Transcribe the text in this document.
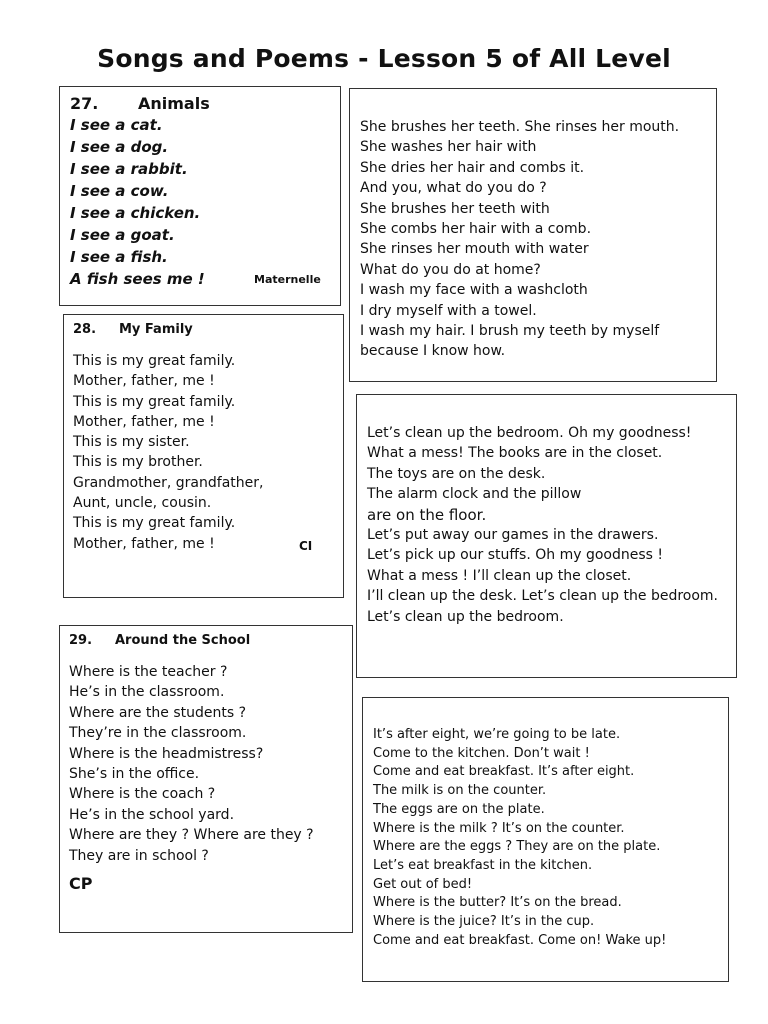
Songs and Poems - Lesson 5 of All Level
27. Animals
I see a cat.
I see a dog.
I see a rabbit.
I see a cow.
I see a chicken.
I see a goat.
I see a fish.
A fish sees me !	Maternelle
28. My Family
This is my great family.
Mother, father, me !
This is my great family.
Mother, father, me !
This is my sister.
This is my brother.
Grandmother, grandfather,
Aunt, uncle, cousin.
This is my great family.
Mother, father, me !	CI
29. Around the School
Where is the teacher ?
He’s in the classroom.
Where are the students ?
They’re in the classroom.
Where is the headmistress?
She’s in the office.
Where is the coach ?
He’s in the school yard.
Where are they ? Where are they ?
They are in school ?
CP
She brushes her teeth. She rinses her mouth.
She washes her hair with
She dries her hair and combs it.
And you, what do you do ?
She brushes her teeth with
She combs her hair with a comb.
She rinses her mouth with water
What do you do at home?
I wash my face with a washcloth
I dry myself with a towel.
I wash my hair. I brush my teeth by myself
because I know how.
Let’s clean up the bedroom. Oh my goodness!
What a mess! The books are in the closet.
The toys are on the desk.
The alarm clock and the pillow
are on the floor.
Let’s put away our games in the drawers.
Let’s pick up our stuffs. Oh my goodness !
What a mess ! I’ll clean up the closet.
I’ll clean up the desk. Let’s clean up the bedroom.
Let’s clean up the bedroom.
It’s after eight, we’re going to be late.
Come to the kitchen. Don’t wait !
Come and eat breakfast. It’s after eight.
The milk is on the counter.
The eggs are on the plate.
Where is the milk ? It’s on the counter.
Where are the eggs ? They are on the plate.
Let’s eat breakfast in the kitchen.
Get out of bed!
Where is the butter? It’s on the bread.
Where is the juice? It’s in the cup.
Come and eat breakfast. Come on! Wake up!
